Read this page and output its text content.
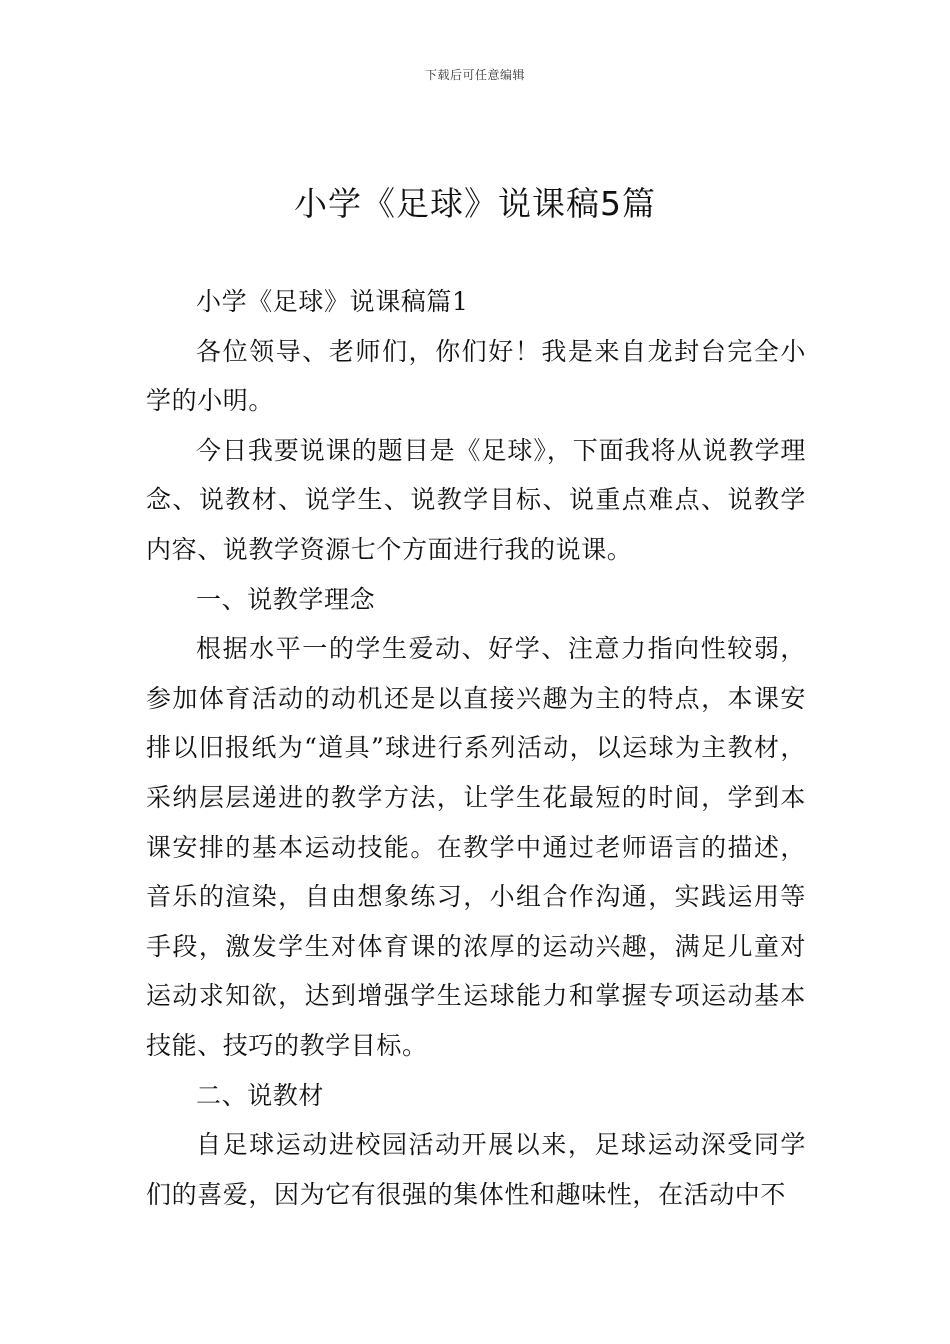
下载后可任意编辑
小学《足球》说课稿5篇

小学《足球》说课稿篇1

各位领导、老师们，你们好！我是来自龙封台完全小学的小明。

今日我要说课的题目是《足球》，下面我将从说教学理念、说教材、说学生、说教学目标、说重点难点、说教学内容、说教学资源七个方面进行我的说课。

一、说教学理念

根据水平一的学生爱动、好学、注意力指向性较弱，参加体育活动的动机还是以直接兴趣为主的特点，本课安排以旧报纸为“道具”球进行系列活动，以运球为主教材，采纳层层递进的教学方法，让学生花最短的时间，学到本课安排的基本运动技能。在教学中通过老师语言的描述，音乐的渲染，自由想象练习，小组合作沟通，实践运用等手段，激发学生对体育课的浓厚的运动兴趣，满足儿童对运动求知欲，达到增强学生运球能力和掌握专项运动基本技能、技巧的教学目标。

二、说教材

自足球运动进校园活动开展以来，足球运动深受同学们的喜爱，因为它有很强的集体性和趣味性，在活动中不
